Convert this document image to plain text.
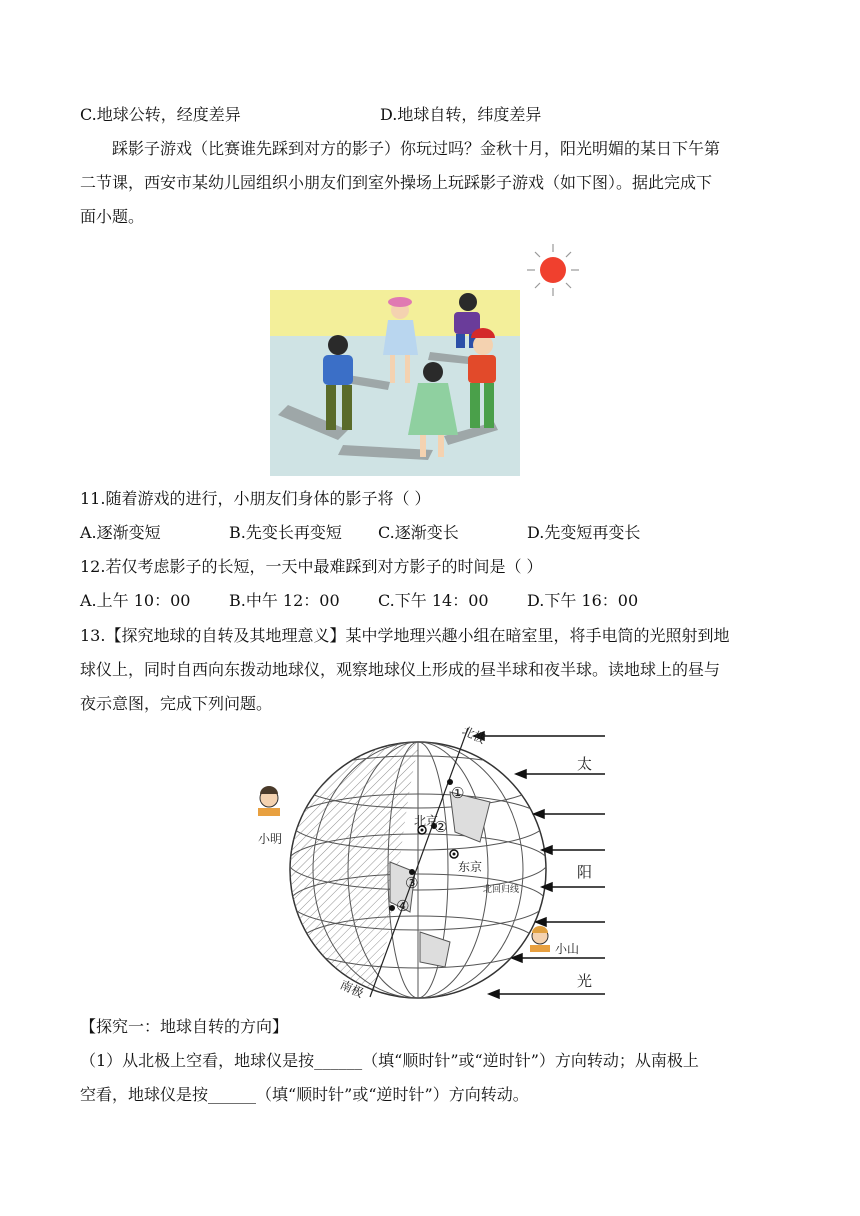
C.地球公转，经度差异	D.地球自转，纬度差异
踩影子游戏（比赛谁先踩到对方的影子）你玩过吗？金秋十月，阳光明媚的某日下午第
二节课，西安市某幼儿园组织小朋友们到室外操场上玩踩影子游戏（如下图）。据此完成下
面小题。
11.随着游戏的进行，小朋友们身体的影子将（ ）
A.逐渐变短	B.先变长再变短 C.逐渐变长	D.先变短再变长
12.若仅考虑影子的长短，一天中最难踩到对方影子的时间是（ ）
A.上午 10：00 B.中午 12：00 C.下午 14：00 D.下午 16：00
13.【探究地球的自转及其地理意义】某中学地理兴趣小组在暗室里，将手电筒的光照射到地
球仪上，同时自西向东拨动地球仪，观察地球仪上形成的昼半球和夜半球。读地球上的昼与
夜示意图，完成下列问题。
北极
南极
北京
东京
北回归线
小明
小山
太
阳
光
①
②
③
④
【探究一：地球自转的方向】
（1）从北极上空看，地球仪是按______（填“顺时针”或“逆时针”）方向转动；从南极上
空看，地球仪是按______（填“顺时针”或“逆时针”）方向转动。
